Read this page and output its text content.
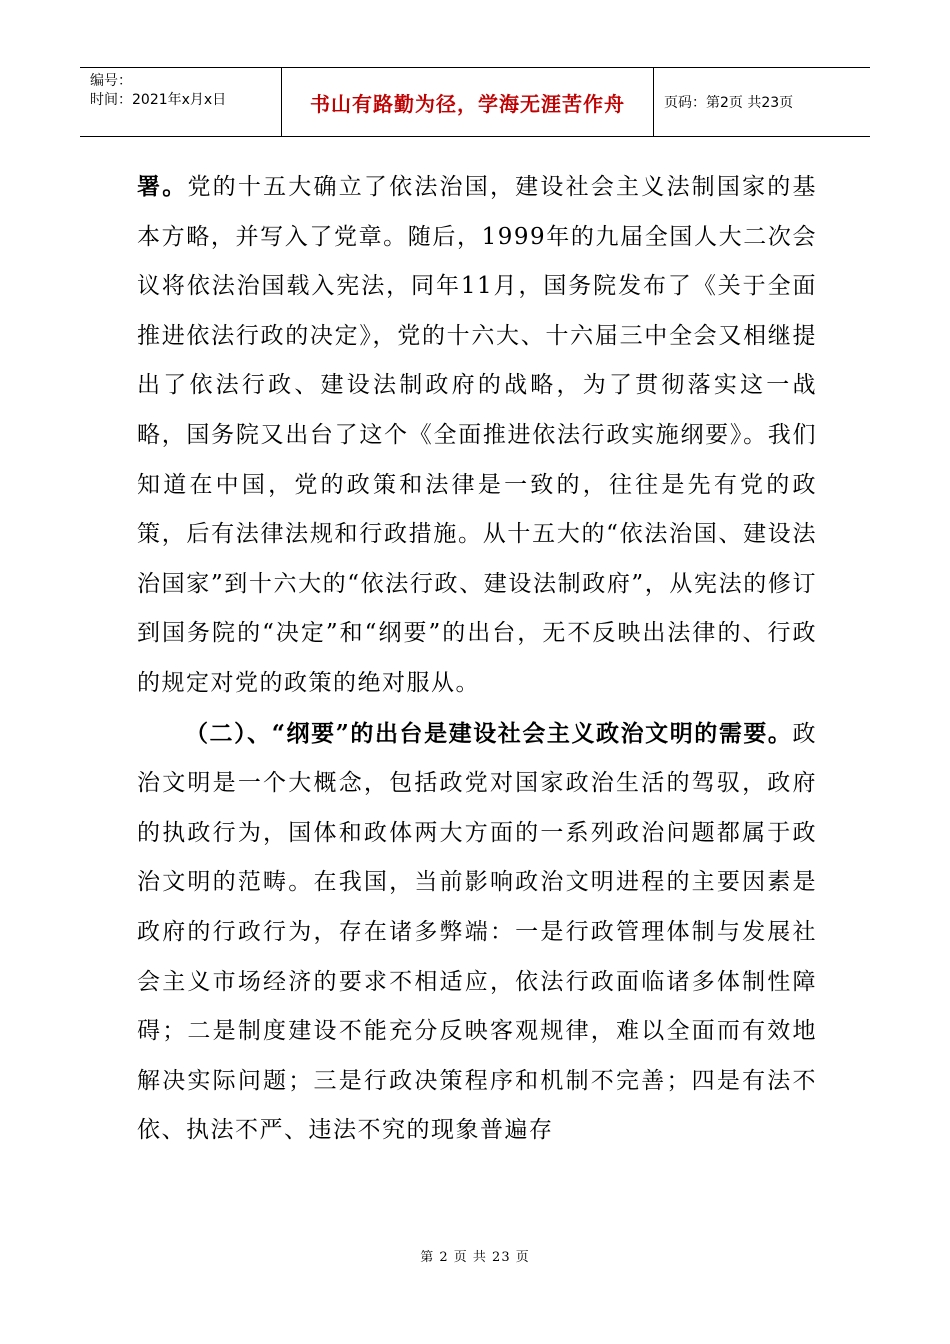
编号：
时间：2021年x月x日	书山有路勤为径，学海无涯苦作舟	页码：第2页 共23页

署。党的十五大确立了依法治国，建设社会主义法制国家的基本方略，并写入了党章。随后，1999年的九届全国人大二次会议将依法治国载入宪法，同年11月，国务院发布了《关于全面推进依法行政的决定》，党的十六大、十六届三中全会又相继提出了依法行政、建设法制政府的战略，为了贯彻落实这一战略，国务院又出台了这个《全面推进依法行政实施纲要》。我们知道在中国，党的政策和法律是一致的，往往是先有党的政策，后有法律法规和行政措施。从十五大的“依法治国、建设法治国家”到十六大的“依法行政、建设法制政府”，从宪法的修订到国务院的“决定”和“纲要”的出台，无不反映出法律的、行政的规定对党的政策的绝对服从。

（二）、“纲要”的出台是建设社会主义政治文明的需要。政治文明是一个大概念，包括政党对国家政治生活的驾驭，政府的执政行为，国体和政体两大方面的一系列政治问题都属于政治文明的范畴。在我国，当前影响政治文明进程的主要因素是政府的行政行为，存在诸多弊端：一是行政管理体制与发展社会主义市场经济的要求不相适应，依法行政面临诸多体制性障碍；二是制度建设不能充分反映客观规律，难以全面而有效地解决实际问题；三是行政决策程序和机制不完善；四是有法不依、执法不严、违法不究的现象普遍存

第 2 页 共 23 页
